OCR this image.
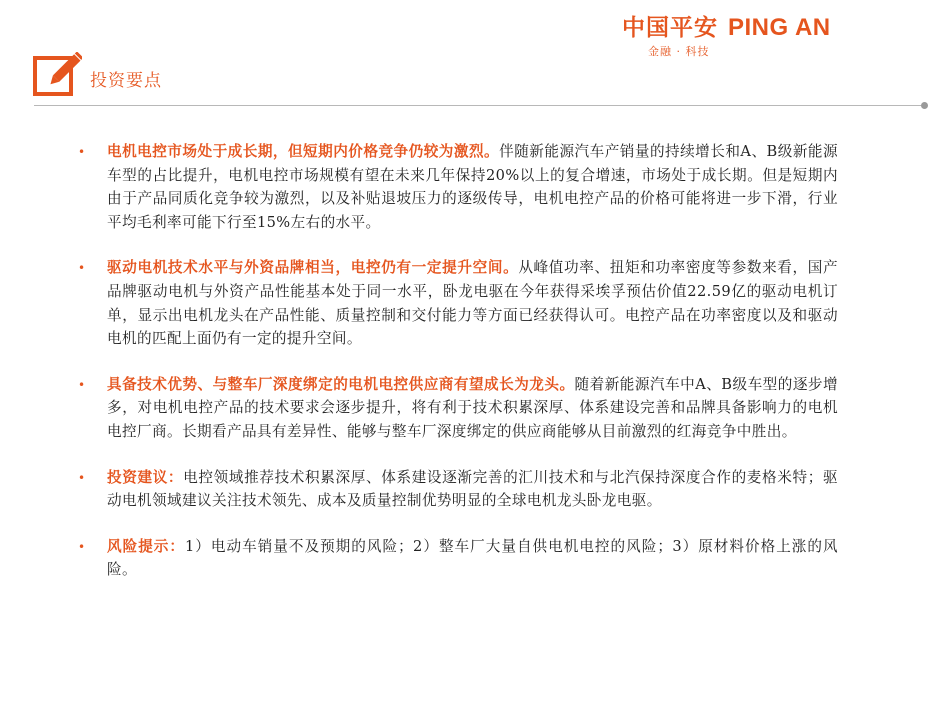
中国平安 PING AN
金融 · 科技
投资要点
• 电机电控市场处于成长期，但短期内价格竞争仍较为激烈。伴随新能源汽车产销量的持续增长和A、B级新能源车型的占比提升，电机电控市场规模有望在未来几年保持20%以上的复合增速，市场处于成长期。但是短期内由于产品同质化竞争较为激烈，以及补贴退坡压力的逐级传导，电机电控产品的价格可能将进一步下滑，行业平均毛利率可能下行至15%左右的水平。

• 驱动电机技术水平与外资品牌相当，电控仍有一定提升空间。从峰值功率、扭矩和功率密度等参数来看，国产品牌驱动电机与外资产品性能基本处于同一水平，卧龙电驱在今年获得采埃孚预估价值22.59亿的驱动电机订单，显示出电机龙头在产品性能、质量控制和交付能力等方面已经获得认可。电控产品在功率密度以及和驱动电机的匹配上面仍有一定的提升空间。

• 具备技术优势、与整车厂深度绑定的电机电控供应商有望成长为龙头。随着新能源汽车中A、B级车型的逐步增多，对电机电控产品的技术要求会逐步提升，将有利于技术积累深厚、体系建设完善和品牌具备影响力的电机电控厂商。长期看产品具有差异性、能够与整车厂深度绑定的供应商能够从目前激烈的红海竞争中胜出。

• 投资建议：电控领域推荐技术积累深厚、体系建设逐渐完善的汇川技术和与北汽保持深度合作的麦格米特；驱动电机领域建议关注技术领先、成本及质量控制优势明显的全球电机龙头卧龙电驱。

• 风险提示：1）电动车销量不及预期的风险；2）整车厂大量自供电机电控的风险；3）原材料价格上涨的风险。
